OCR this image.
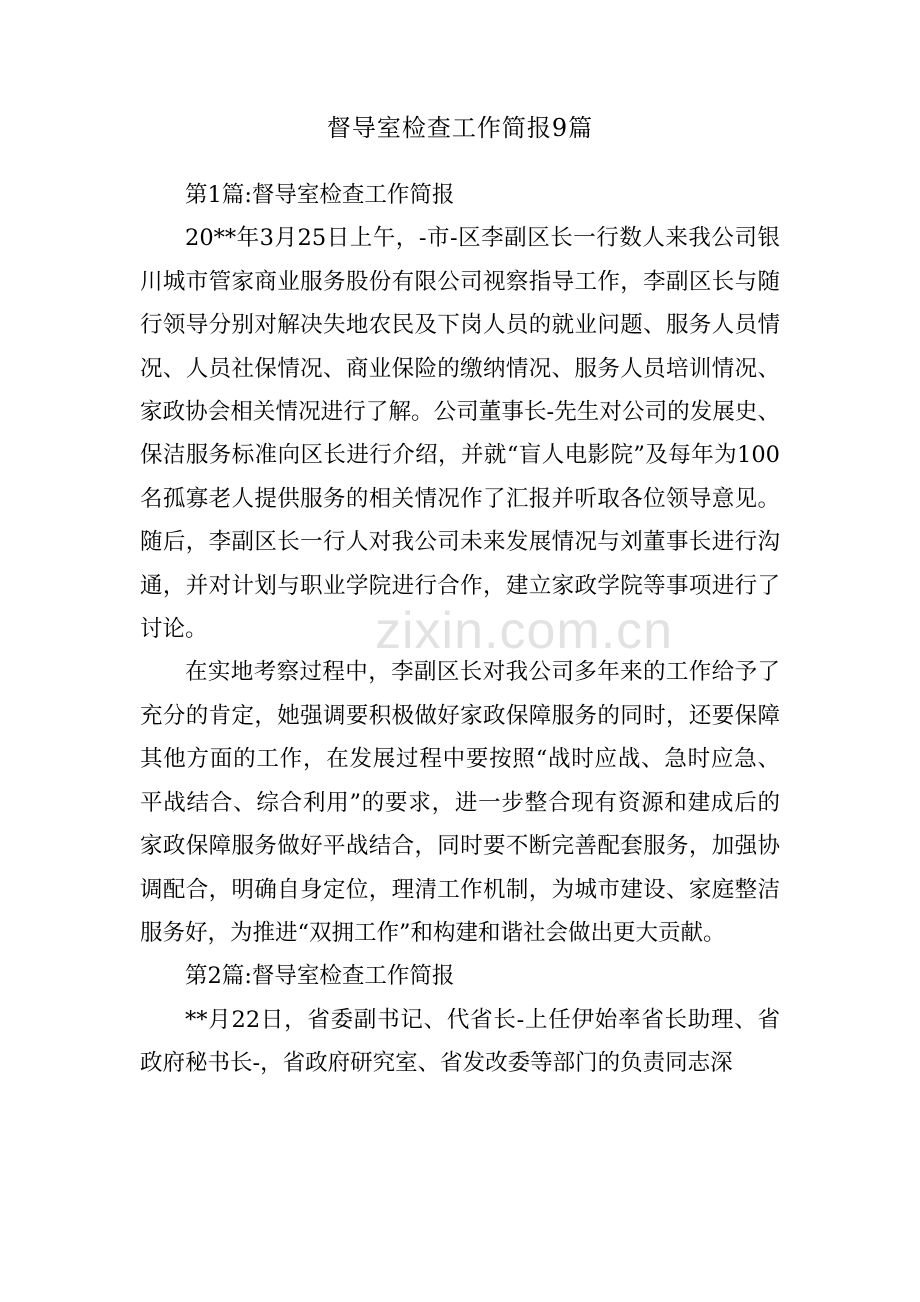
督导室检查工作简报9篇

第1篇:督导室检查工作简报

20**年3月25日上午，-市-区李副区长一行数人来我公司银川城市管家商业服务股份有限公司视察指导工作，李副区长与随行领导分别对解决失地农民及下岗人员的就业问题、服务人员情况、人员社保情况、商业保险的缴纳情况、服务人员培训情况、家政协会相关情况进行了解。公司董事长-先生对公司的发展史、保洁服务标准向区长进行介绍，并就“盲人电影院”及每年为100名孤寡老人提供服务的相关情况作了汇报并听取各位领导意见。随后，李副区长一行人对我公司未来发展情况与刘董事长进行沟通，并对计划与职业学院进行合作，建立家政学院等事项进行了讨论。

在实地考察过程中，李副区长对我公司多年来的工作给予了充分的肯定，她强调要积极做好家政保障服务的同时，还要保障其他方面的工作，在发展过程中要按照“战时应战、急时应急、平战结合、综合利用”的要求，进一步整合现有资源和建成后的家政保障服务做好平战结合，同时要不断完善配套服务，加强协调配合，明确自身定位，理清工作机制，为城市建设、家庭整洁服务好，为推进“双拥工作”和构建和谐社会做出更大贡献。

第2篇:督导室检查工作简报

**月22日，省委副书记、代省长-上任伊始率省长助理、省政府秘书长-，省政府研究室、省发改委等部门的负责同志深

zixin.com.cn
